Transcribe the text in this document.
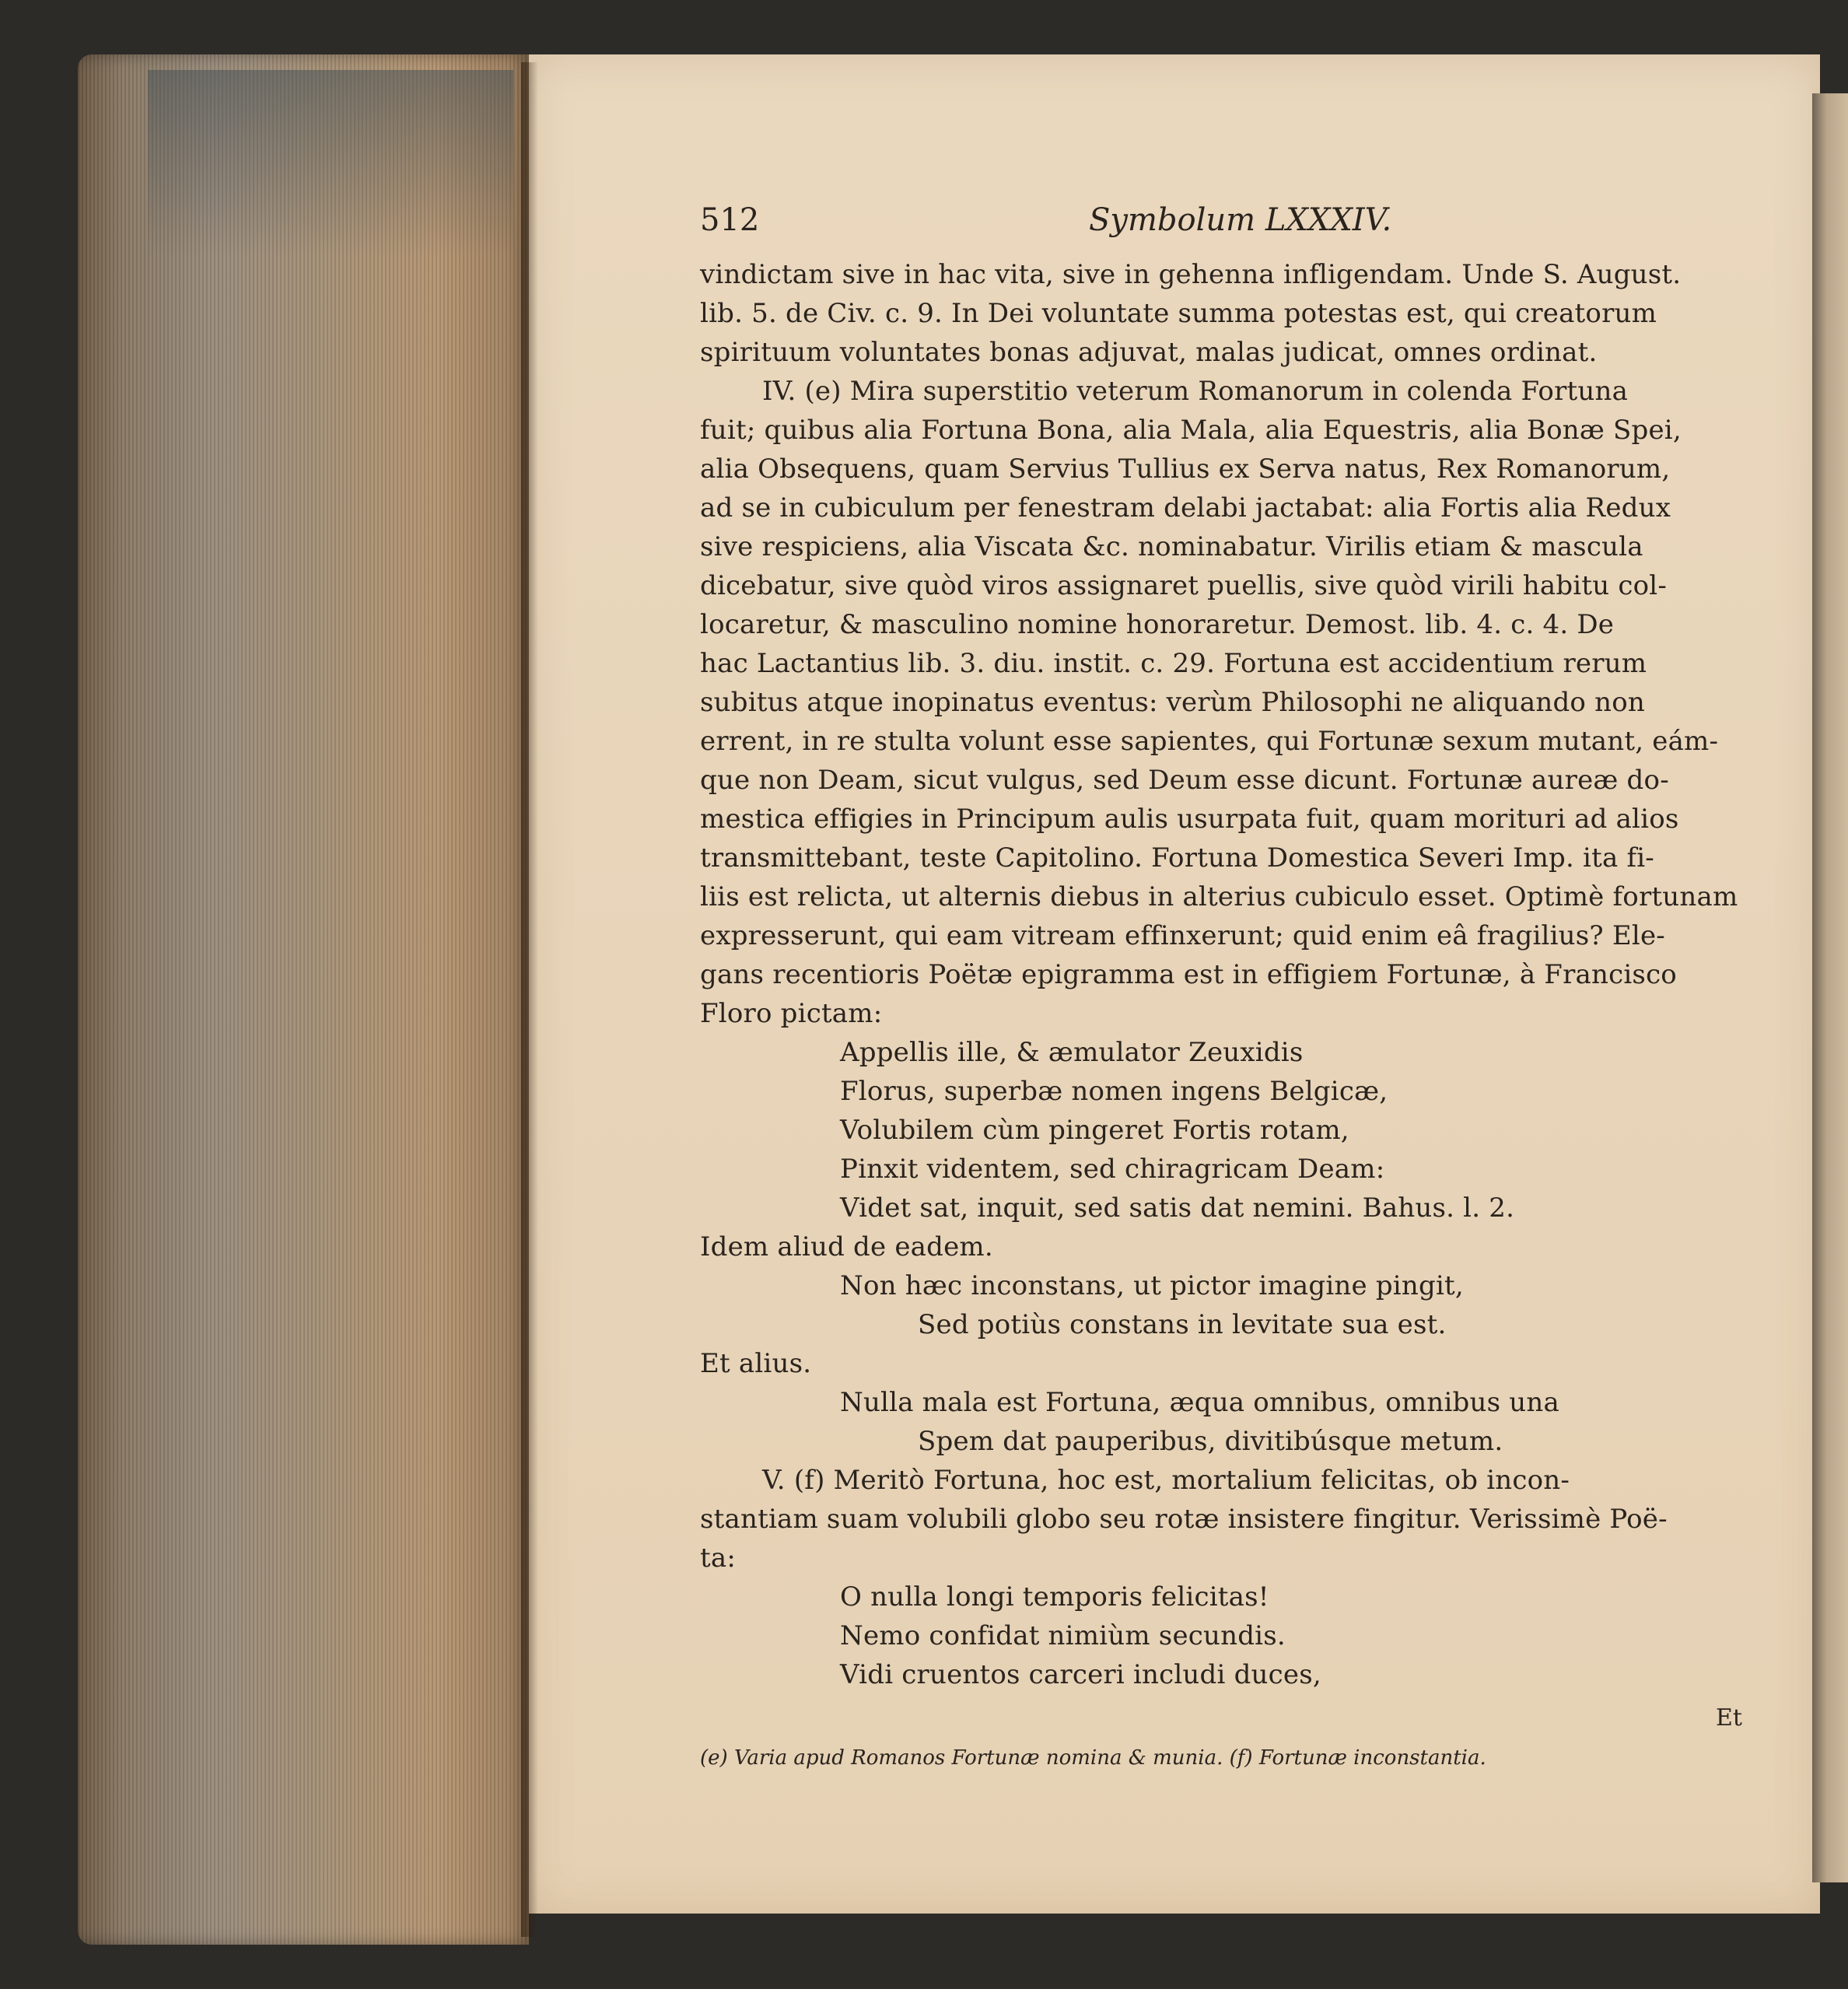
512	Symbolum LXXXIV.
vindictam sive in hac vita, sive in gehenna infligendam. Unde S. August.
lib. 5. de Civ. c. 9. In Dei voluntate summa potestas est, qui creatorum
spirituum voluntates bonas adjuvat, malas judicat, omnes ordinat.
IV. (e) Mira superstitio veterum Romanorum in colenda Fortuna
fuit; quibus alia Fortuna Bona, alia Mala, alia Equestris, alia Bonæ Spei,
alia Obsequens, quam Servius Tullius ex Serva natus, Rex Romanorum,
ad se in cubiculum per fenestram delabi jactabat: alia Fortis alia Redux
sive respiciens, alia Viscata &c. nominabatur. Virilis etiam & mascula
dicebatur, sive quòd viros assignaret puellis, sive quòd virili habitu col-
locaretur, & masculino nomine honoraretur. Demost. lib. 4. c. 4. De
hac Lactantius lib. 3. diu. instit. c. 29. Fortuna est accidentium rerum
subitus atque inopinatus eventus: verùm Philosophi ne aliquando non
errent, in re stulta volunt esse sapientes, qui Fortunæ sexum mutant, eám-
que non Deam, sicut vulgus, sed Deum esse dicunt. Fortunæ aureæ do-
mestica effigies in Principum aulis usurpata fuit, quam morituri ad alios
transmittebant, teste Capitolino. Fortuna Domestica Severi Imp. ita fi-
liis est relicta, ut alternis diebus in alterius cubiculo esset. Optimè fortunam
expresserunt, qui eam vitream effinxerunt; quid enim eâ fragilius? Ele-
gans recentioris Poëtæ epigramma est in effigiem Fortunæ, à Francisco
Floro pictam:
Appellis ille, & æmulator Zeuxidis
Florus, superbæ nomen ingens Belgicæ,
Volubilem cùm pingeret Fortis rotam,
Pinxit videntem, sed chiragricam Deam:
Videt sat, inquit, sed satis dat nemini. Bahus. l. 2.
Idem aliud de eadem.
Non hæc inconstans, ut pictor imagine pingit,
Sed potiùs constans in levitate sua est.
Et alius.
Nulla mala est Fortuna, æqua omnibus, omnibus una
Spem dat pauperibus, divitibúsque metum.
V. (f) Meritò Fortuna, hoc est, mortalium felicitas, ob incon-
stantiam suam volubili globo seu rotæ insistere fingitur. Verissimè Poë-
ta:
O nulla longi temporis felicitas!
Nemo confidat nimiùm secundis.
Vidi cruentos carceri includi duces,
Et
(e) Varia apud Romanos Fortunæ nomina & munia. (f) Fortunæ inconstantia.
